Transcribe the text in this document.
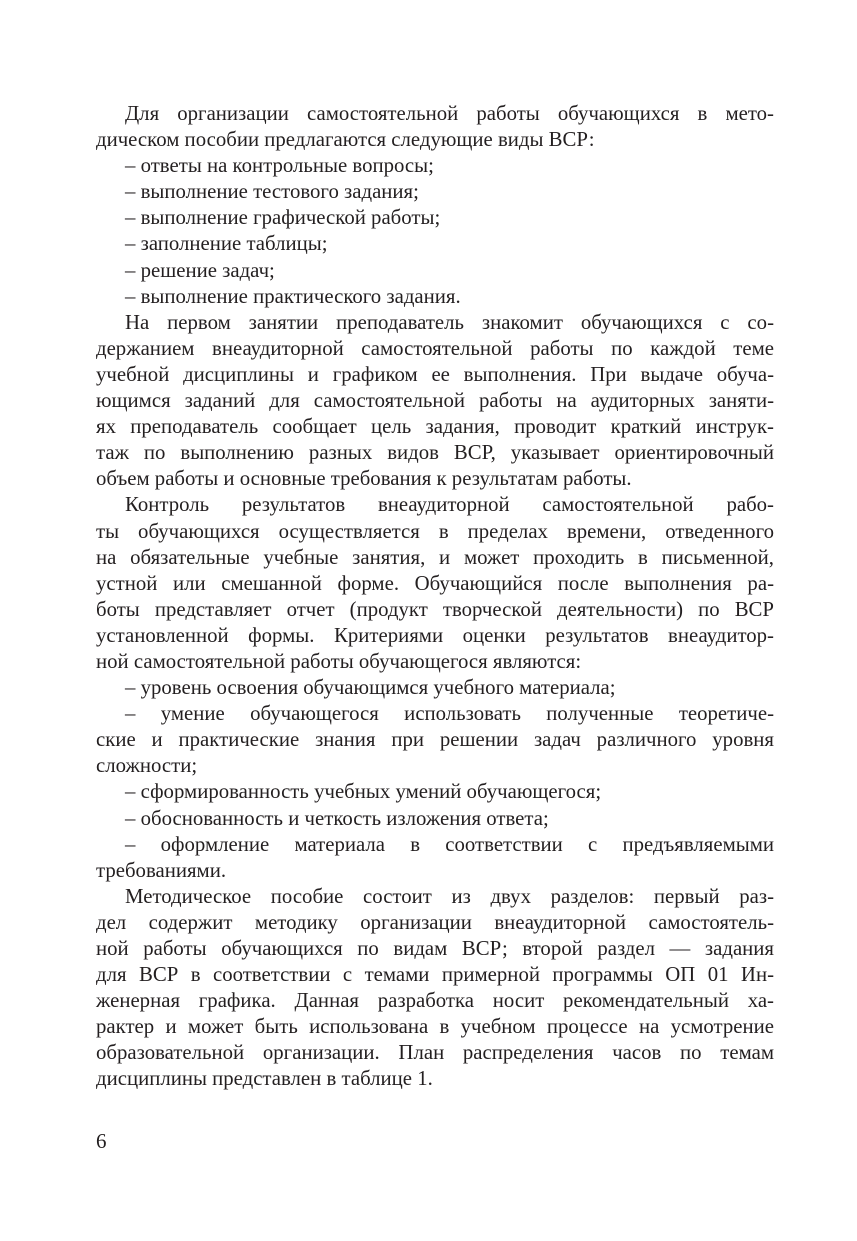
Для организации самостоятельной работы обучающихся в мето-
дическом пособии предлагаются следующие виды ВСР:
– ответы на контрольные вопросы;
– выполнение тестового задания;
– выполнение графической работы;
– заполнение таблицы;
– решение задач;
– выполнение практического задания.
На первом занятии преподаватель знакомит обучающихся с со-
держанием внеаудиторной самостоятельной работы по каждой теме
учебной дисциплины и графиком ее выполнения. При выдаче обуча-
ющимся заданий для самостоятельной работы на аудиторных заняти-
ях преподаватель сообщает цель задания, проводит краткий инструк-
таж по выполнению разных видов ВСР, указывает ориентировочный
объем работы и основные требования к результатам работы.
Контроль результатов внеаудиторной самостоятельной рабо-
ты обучающихся осуществляется в пределах времени, отведенного
на обязательные учебные занятия, и может проходить в письменной,
устной или смешанной форме. Обучающийся после выполнения ра-
боты представляет отчет (продукт творческой деятельности) по ВСР
установленной формы. Критериями оценки результатов внеаудитор-
ной самостоятельной работы обучающегося являются:
– уровень освоения обучающимся учебного материала;
– умение обучающегося использовать полученные теоретиче-
ские и практические знания при решении задач различного уровня
сложности;
– сформированность учебных умений обучающегося;
– обоснованность и четкость изложения ответа;
– оформление материала в соответствии с предъявляемыми
требованиями.
Методическое пособие состоит из двух разделов: первый раз-
дел содержит методику организации внеаудиторной самостоятель-
ной работы обучающихся по видам ВСР; второй раздел — задания
для ВСР в соответствии с темами примерной программы ОП 01 Ин-
женерная графика. Данная разработка носит рекомендательный ха-
рактер и может быть использована в учебном процессе на усмотрение
образовательной организации. План распределения часов по темам
дисциплины представлен в таблице 1.
6
